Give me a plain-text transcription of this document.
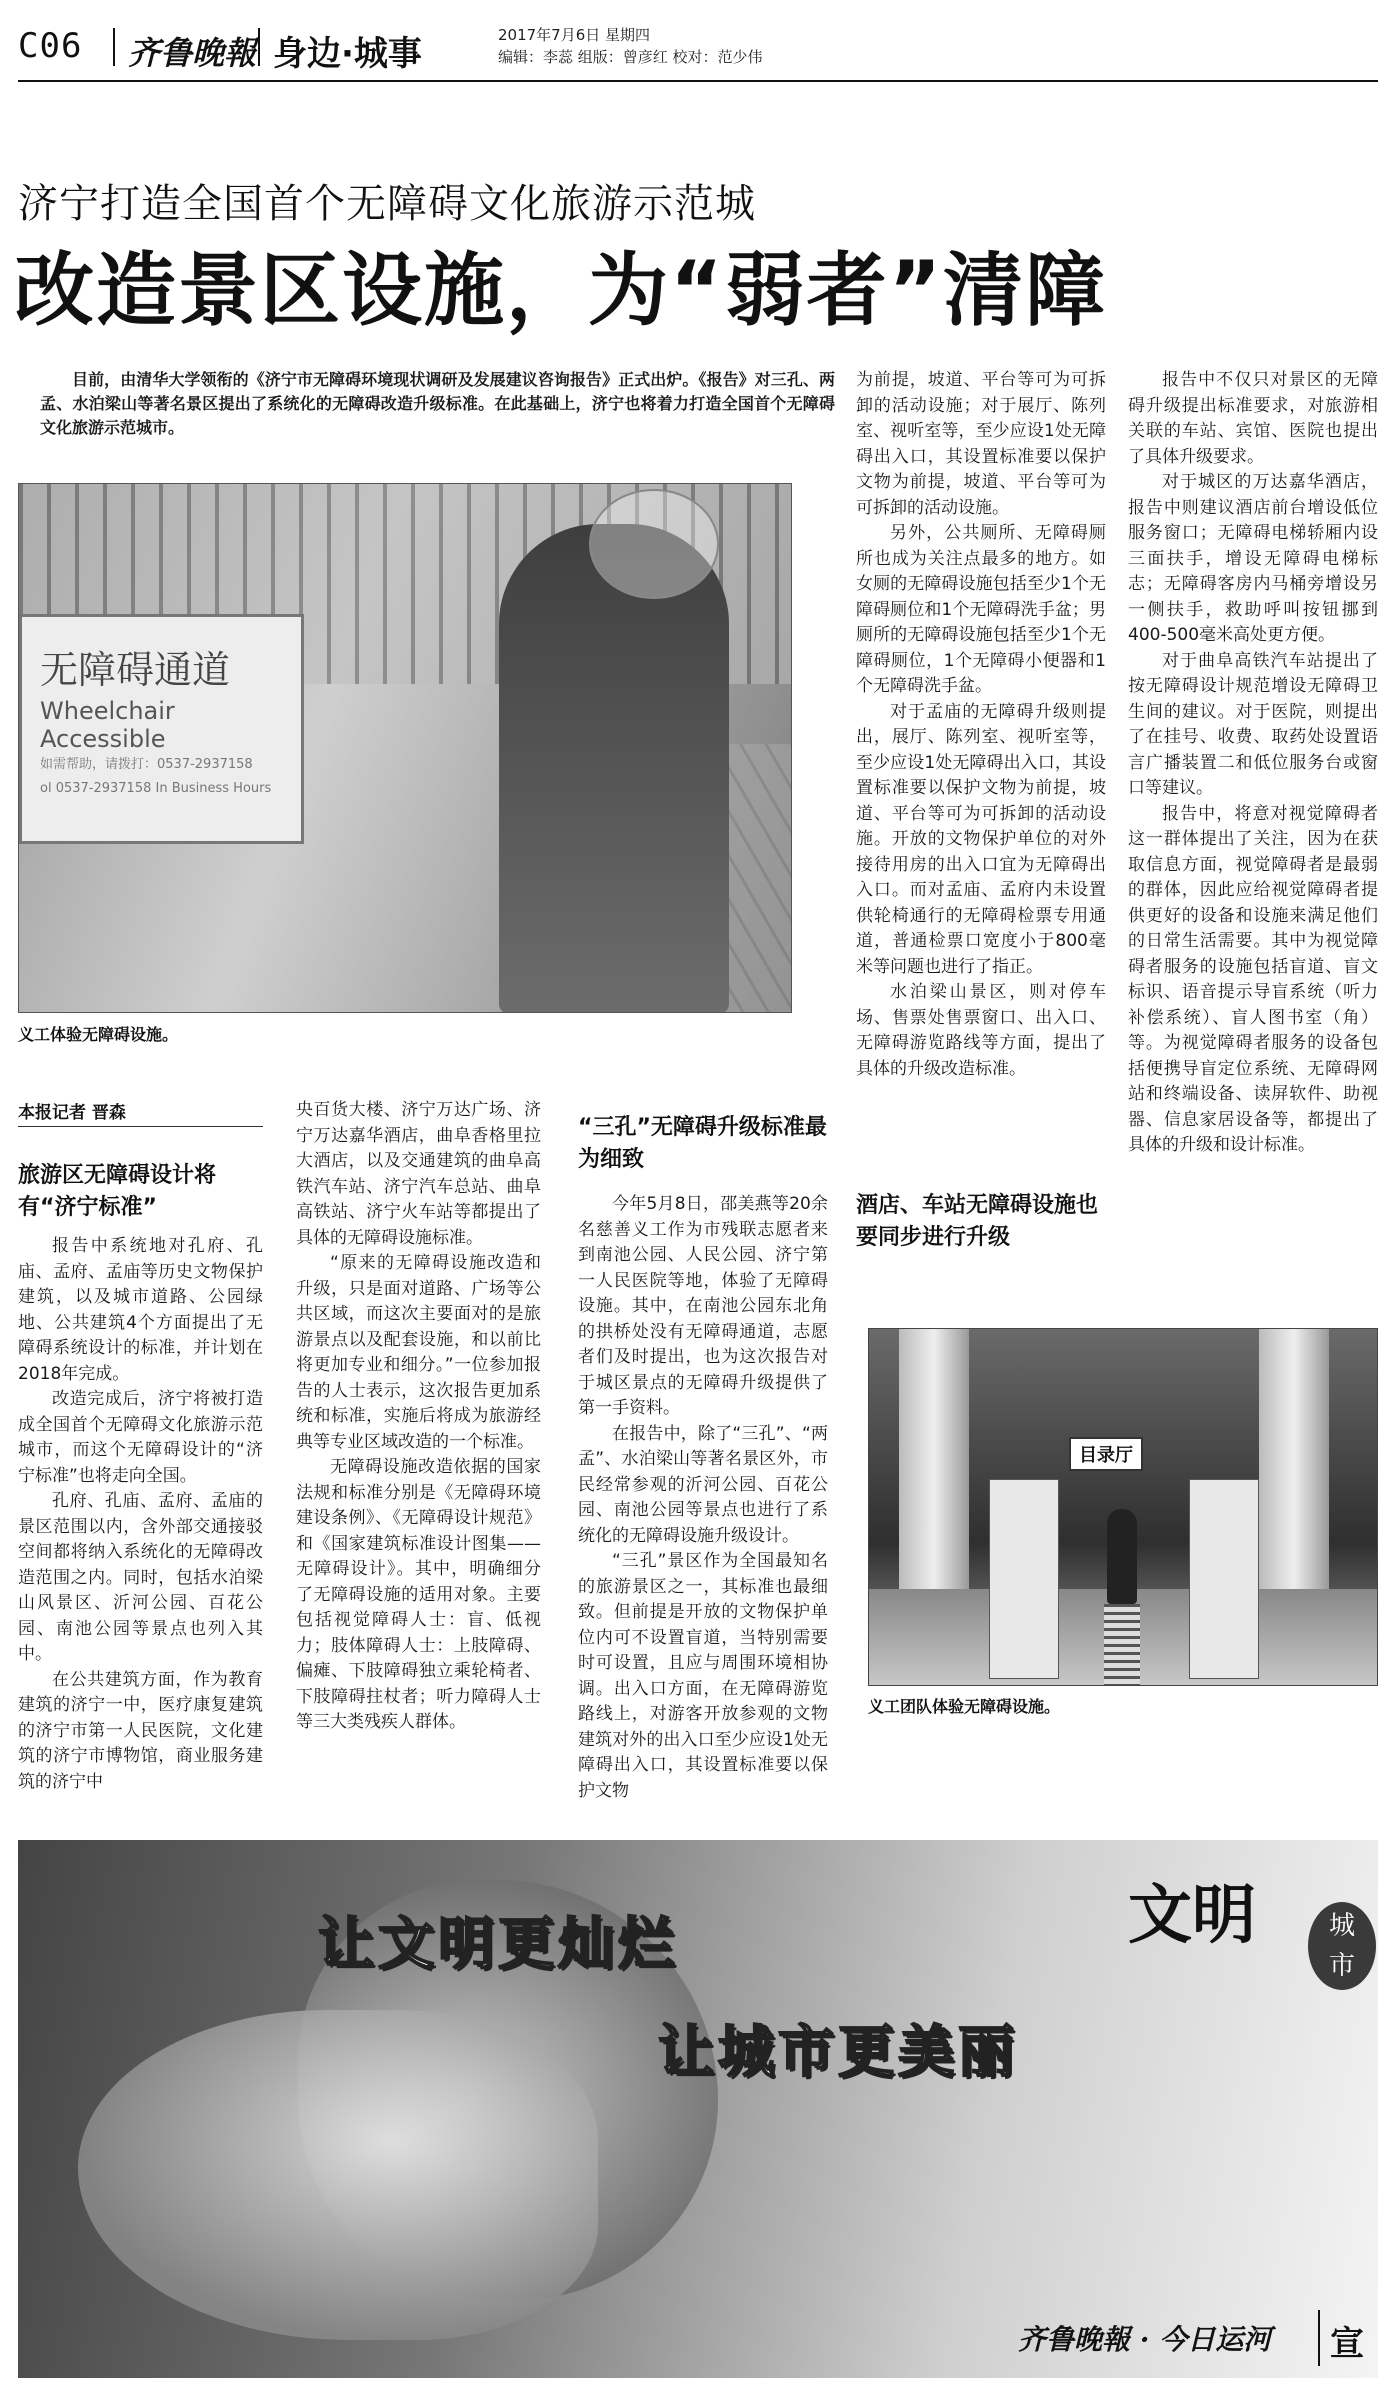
C06 齐鲁晚報 身边·城事	2017年7月6日 星期四
编辑：李蕊 组版：曾彦红 校对：范少伟
济宁打造全国首个无障碍文化旅游示范城
改造景区设施，为“弱者”清障
目前，由清华大学领衔的《济宁市无障碍环境现状调研及发展建议咨询报告》正式出炉。《报告》对三孔、两孟、水泊梁山等著名景区提出了系统化的无障碍改造升级标准。在此基础上，济宁也将着力打造全国首个无障碍文化旅游示范城市。
无障碍通道
Wheelchair Accessible
如需帮助，请拨打：0537-2937158
ol 0537-2937158 In Business Hours
义工体验无障碍设施。
本报记者 晋森
旅游区无障碍设计将有“济宁标准”

报告中系统地对孔府、孔庙、孟府、孟庙等历史文物保护建筑，以及城市道路、公园绿地、公共建筑4个方面提出了无障碍系统设计的标准，并计划在2018年完成。

改造完成后，济宁将被打造成全国首个无障碍文化旅游示范城市，而这个无障碍设计的“济宁标准”也将走向全国。

孔府、孔庙、孟府、孟庙的景区范围以内，含外部交通接驳空间都将纳入系统化的无障碍改造范围之内。同时，包括水泊梁山风景区、沂河公园、百花公园、南池公园等景点也列入其中。

在公共建筑方面，作为教育建筑的济宁一中，医疗康复建筑的济宁市第一人民医院，文化建筑的济宁市博物馆，商业服务建筑的济宁中

央百货大楼、济宁万达广场、济宁万达嘉华酒店，曲阜香格里拉大酒店，以及交通建筑的曲阜高铁汽车站、济宁汽车总站、曲阜高铁站、济宁火车站等都提出了具体的无障碍设施标准。

“原来的无障碍设施改造和升级，只是面对道路、广场等公共区域，而这次主要面对的是旅游景点以及配套设施，和以前比将更加专业和细分。”一位参加报告的人士表示，这次报告更加系统和标准，实施后将成为旅游经典等专业区域改造的一个标准。

无障碍设施改造依据的国家法规和标准分别是《无障碍环境建设条例》、《无障碍设计规范》和《国家建筑标准设计图集——无障碍设计》。其中，明确细分了无障碍设施的适用对象。主要包括视觉障碍人士：盲、低视力；肢体障碍人士：上肢障碍、偏瘫、下肢障碍独立乘轮椅者、下肢障碍拄杖者；听力障碍人士等三大类残疾人群体。

“三孔”无障碍升级标准最为细致

今年5月8日，邵美燕等20余名慈善义工作为市残联志愿者来到南池公园、人民公园、济宁第一人民医院等地，体验了无障碍设施。其中，在南池公园东北角的拱桥处没有无障碍通道，志愿者们及时提出，也为这次报告对于城区景点的无障碍升级提供了第一手资料。

在报告中，除了“三孔”、“两孟”、水泊梁山等著名景区外，市民经常参观的沂河公园、百花公园、南池公园等景点也进行了系统化的无障碍设施升级设计。

“三孔”景区作为全国最知名的旅游景区之一，其标准也最细致。但前提是开放的文物保护单位内可不设置盲道，当特别需要时可设置，且应与周围环境相协调。出入口方面，在无障碍游览路线上，对游客开放参观的文物建筑对外的出入口至少应设1处无障碍出入口，其设置标准要以保护文物

为前提，坡道、平台等可为可拆卸的活动设施；对于展厅、陈列室、视听室等，至少应设1处无障碍出入口，其设置标准要以保护文物为前提，坡道、平台等可为可拆卸的活动设施。

另外，公共厕所、无障碍厕所也成为关注点最多的地方。如女厕的无障碍设施包括至少1个无障碍厕位和1个无障碍洗手盆；男厕所的无障碍设施包括至少1个无障碍厕位，1个无障碍小便器和1个无障碍洗手盆。

对于孟庙的无障碍升级则提出，展厅、陈列室、视听室等，至少应设1处无障碍出入口，其设置标准要以保护文物为前提，坡道、平台等可为可拆卸的活动设施。开放的文物保护单位的对外接待用房的出入口宜为无障碍出入口。而对孟庙、孟府内未设置供轮椅通行的无障碍检票专用通道，普通检票口宽度小于800毫米等问题也进行了指正。

水泊梁山景区，则对停车场、售票处售票窗口、出入口、无障碍游览路线等方面，提出了具体的升级改造标准。

酒店、车站无障碍设施也要同步进行升级

报告中不仅只对景区的无障碍升级提出标准要求，对旅游相关联的车站、宾馆、医院也提出了具体升级要求。

对于城区的万达嘉华酒店，报告中则建议酒店前台增设低位服务窗口；无障碍电梯轿厢内设三面扶手，增设无障碍电梯标志；无障碍客房内马桶旁增设另一侧扶手，救助呼叫按钮挪到400-500毫米高处更方便。

对于曲阜高铁汽车站提出了按无障碍设计规范增设无障碍卫生间的建议。对于医院，则提出了在挂号、收费、取药处设置语言广播装置二和低位服务台或窗口等建议。

报告中，将意对视觉障碍者这一群体提出了关注，因为在获取信息方面，视觉障碍者是最弱的群体，因此应给视觉障碍者提供更好的设备和设施来满足他们的日常生活需要。其中为视觉障碍者服务的设施包括盲道、盲文标识、语音提示导盲系统（听力补偿系统）、盲人图书室（角）等。为视觉障碍者服务的设备包括便携导盲定位系统、无障碍网站和终端设备、读屏软件、助视器、信息家居设备等，都提出了具体的升级和设计标准。

目录厅
义工团队体验无障碍设施。
让文明更灿烂
让城市更美丽
文明	城
市
齐鲁晚報 · 今日运河 宣
